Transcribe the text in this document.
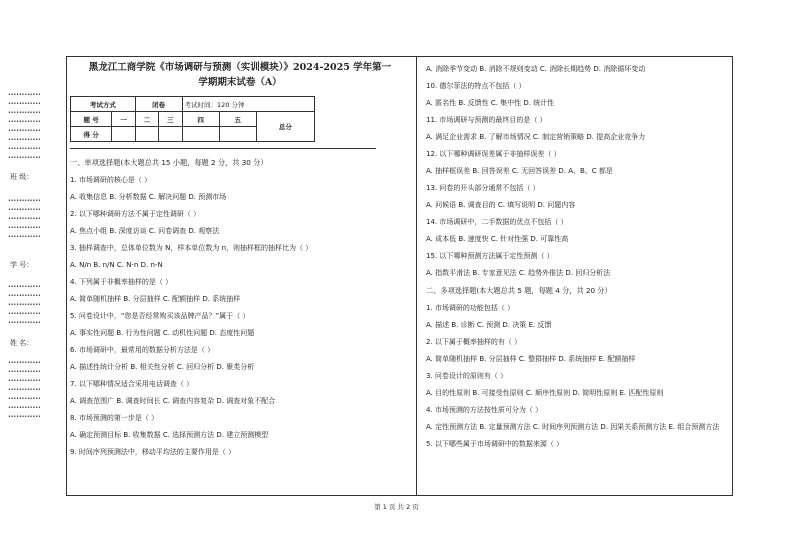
••••••••••••
••••••••••••
••••••••••••
••••••••••••
••••••••••••
••••••••••••
••••••••••••
••••••••••••
班 级：
••••••••••••
••••••••••••
••••••••••••
••••••••••••
••••••••••••
学 号：
••••••••••••
••••••••••••
••••••••••••
••••••••••••
••••••••••••
姓 名：
••••••••••••
••••••••••••
••••••••••••
••••••••••••
••••••••••••
••••••••••••
••••••••••••
黑龙江工商学院《市场调研与预测（实训模块）》2024-2025 学年第一
学期期末试卷（A）
考试方式		闭卷		考试时间：120 分钟		
题 号	一	二	三	四	五	总分
得 分						
一、单项选择题(本大题总共 15 小题，每题 2 分，共 30 分）
1. 市场调研的核心是（ ）
A. 收集信息 B. 分析数据 C. 解决问题 D. 预测市场
2. 以下哪种调研方法不属于定性调研（ ）
A. 焦点小组 B. 深度访谈 C. 问卷调查 D. 观察法
3. 抽样调查中，总体单位数为 N，样本单位数为 n，则抽样框的抽样比为（ ）
A. N/n B. n/N C. N-n D. n-N
4. 下列属于非概率抽样的是（ ）
A. 简单随机抽样 B. 分层抽样 C. 配额抽样 D. 系统抽样
5. 问卷设计中，“您是否经常购买该品牌产品？”属于（ ）
A. 事实性问题 B. 行为性问题 C. 动机性问题 D. 态度性问题
6. 市场调研中，最常用的数据分析方法是（ ）
A. 描述性统计分析 B. 相关性分析 C. 回归分析 D. 聚类分析
7. 以下哪种情况适合采用电话调查（ ）
A. 调查范围广 B. 调查时间长 C. 调查内容复杂 D. 调查对象不配合
8. 市场预测的第一步是（ ）
A. 确定预测目标 B. 收集数据 C. 选择预测方法 D. 建立预测模型
9. 时间序列预测法中，移动平均法的主要作用是（ ）
A. 消除季节变动 B. 消除不规则变动 C. 消除长期趋势 D. 消除循环变动
10. 德尔菲法的特点不包括（ ）
A. 匿名性 B. 反馈性 C. 集中性 D. 统计性
11. 市场调研与预测的最终目的是（ ）
A. 满足企业需求 B. 了解市场情况 C. 制定营销策略 D. 提高企业竞争力
12. 以下哪种调研误差属于非抽样误差（ ）
A. 抽样框误差 B. 回答误差 C. 无回答误差 D. A、B、C 都是
13. 问卷的开头部分通常不包括（ ）
A. 问候语 B. 调查目的 C. 填写说明 D. 问题内容
14. 市场调研中，二手数据的优点不包括（ ）
A. 成本低 B. 速度快 C. 针对性强 D. 可靠性高
15. 以下哪种预测方法属于定性预测（ ）
A. 指数平滑法 B. 专家意见法 C. 趋势外推法 D. 回归分析法
二、多项选择题(本大题总共 5 题，每题 4 分，共 20 分）
1. 市场调研的功能包括（ ）
A. 描述 B. 诊断 C. 预测 D. 决策 E. 反馈
2. 以下属于概率抽样的有（ ）
A. 简单随机抽样 B. 分层抽样 C. 整群抽样 D. 系统抽样 E. 配额抽样
3. 问卷设计的原则有（ ）
A. 目的性原则 B. 可接受性原则 C. 顺序性原则 D. 简明性原则 E. 匹配性原则
4. 市场预测的方法按性质可分为（ ）
A. 定性预测方法 B. 定量预测方法 C. 时间序列预测方法 D. 因果关系预测方法 E. 组合预测方法
5. 以下哪些属于市场调研中的数据来源（ ）
第 1 页 共 2 页
